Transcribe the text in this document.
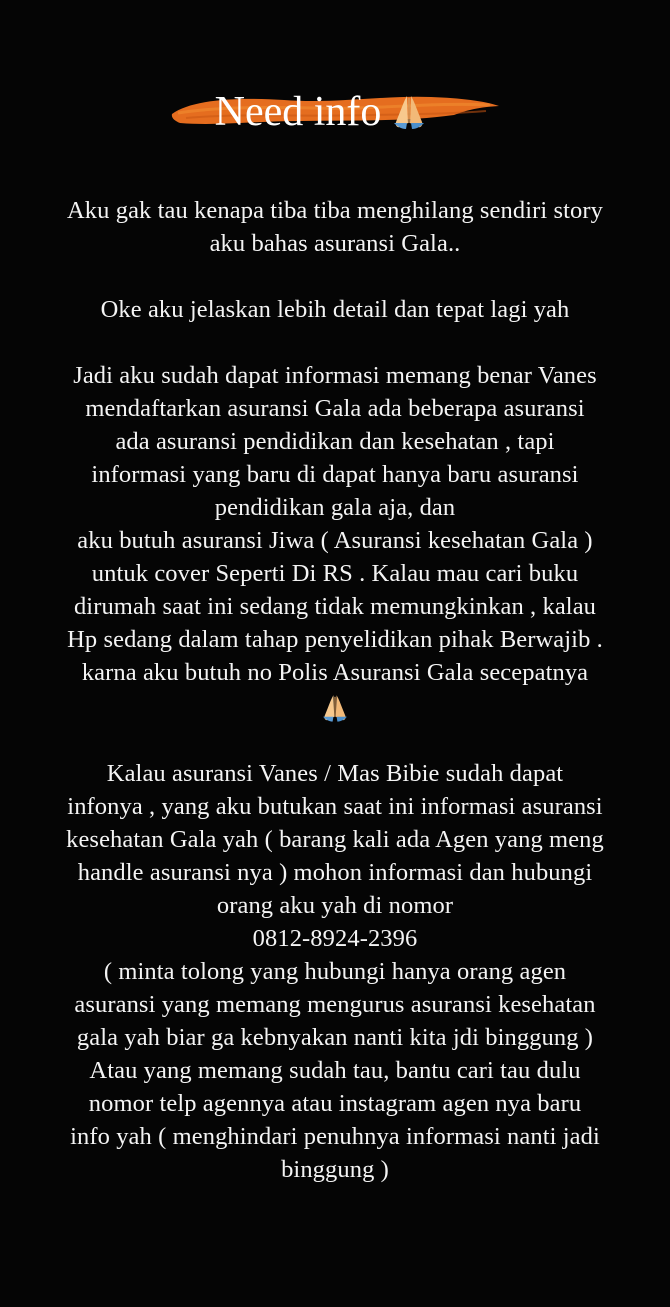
Need info

Aku gak tau kenapa tiba tiba menghilang sendiri story

aku bahas asuransi Gala..

Oke aku jelaskan lebih detail dan tepat lagi yah

Jadi aku sudah dapat informasi memang benar Vanes

mendaftarkan asuransi Gala ada beberapa asuransi

ada asuransi pendidikan dan kesehatan , tapi

informasi yang baru di dapat hanya baru asuransi

pendidikan gala aja, dan

aku butuh asuransi Jiwa ( Asuransi kesehatan Gala )

untuk cover Seperti Di RS . Kalau mau cari buku

dirumah saat ini sedang tidak memungkinkan , kalau

Hp sedang dalam tahap penyelidikan pihak Berwajib .

karna aku butuh no Polis Asuransi Gala secepatnya

Kalau asuransi Vanes / Mas Bibie sudah dapat

infonya , yang aku butukan saat ini informasi asuransi

kesehatan Gala yah ( barang kali ada Agen yang meng

handle asuransi nya ) mohon informasi dan hubungi

orang aku yah di nomor

0812-8924-2396

( minta tolong yang hubungi hanya orang agen

asuransi yang memang mengurus asuransi kesehatan

gala yah biar ga kebnyakan nanti kita jdi binggung )

Atau yang memang sudah tau, bantu cari tau dulu

nomor telp agennya atau instagram agen nya baru

info yah ( menghindari penuhnya informasi nanti jadi

binggung )
